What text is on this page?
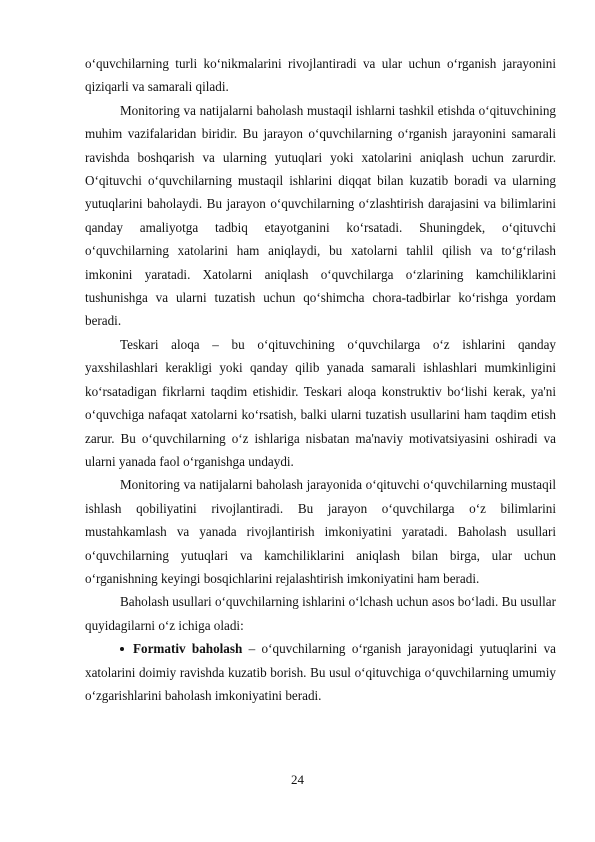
o‘quvchilarning turli ko‘nikmalarini rivojlantiradi va ular uchun o‘rganish jarayonini qiziqarli va samarali qiladi.

Monitoring va natijalarni baholash mustaqil ishlarni tashkil etishda o‘qituvchining muhim vazifalaridan biridir. Bu jarayon o‘quvchilarning o‘rganish jarayonini samarali ravishda boshqarish va ularning yutuqlari yoki xatolarini aniqlash uchun zarurdir. O‘qituvchi o‘quvchilarning mustaqil ishlarini diqqat bilan kuzatib boradi va ularning yutuqlarini baholaydi. Bu jarayon o‘quvchilarning o‘zlashtirish darajasini va bilimlarini qanday amaliyotga tadbiq etayotganini ko‘rsatadi. Shuningdek, o‘qituvchi o‘quvchilarning xatolarini ham aniqlaydi, bu xatolarni tahlil qilish va to‘g‘rilash imkonini yaratadi. Xatolarni aniqlash o‘quvchilarga o‘zlarining kamchiliklarini tushunishga va ularni tuzatish uchun qo‘shimcha chora-tadbirlar ko‘rishga yordam beradi.

Teskari aloqa – bu o‘qituvchining o‘quvchilarga o‘z ishlarini qanday yaxshilashlari kerakligi yoki qanday qilib yanada samarali ishlashlari mumkinligini ko‘rsatadigan fikrlarni taqdim etishidir. Teskari aloqa konstruktiv bo‘lishi kerak, ya'ni o‘quvchiga nafaqat xatolarni ko‘rsatish, balki ularni tuzatish usullarini ham taqdim etish zarur. Bu o‘quvchilarning o‘z ishlariga nisbatan ma'naviy motivatsiyasini oshiradi va ularni yanada faol o‘rganishga undaydi.

Monitoring va natijalarni baholash jarayonida o‘qituvchi o‘quvchilarning mustaqil ishlash qobiliyatini rivojlantiradi. Bu jarayon o‘quvchilarga o‘z bilimlarini mustahkamlash va yanada rivojlantirish imkoniyatini yaratadi. Baholash usullari o‘quvchilarning yutuqlari va kamchiliklarini aniqlash bilan birga, ular uchun o‘rganishning keyingi bosqichlarini rejalashtirish imkoniyatini ham beradi.

Baholash usullari o‘quvchilarning ishlarini o‘lchash uchun asos bo‘ladi. Bu usullar quyidagilarni o‘z ichiga oladi:

Formativ baholash – o‘quvchilarning o‘rganish jarayonidagi yutuqlarini va xatolarini doimiy ravishda kuzatib borish. Bu usul o‘qituvchiga o‘quvchilarning umumiy o‘zgarishlarini baholash imkoniyatini beradi.

24
